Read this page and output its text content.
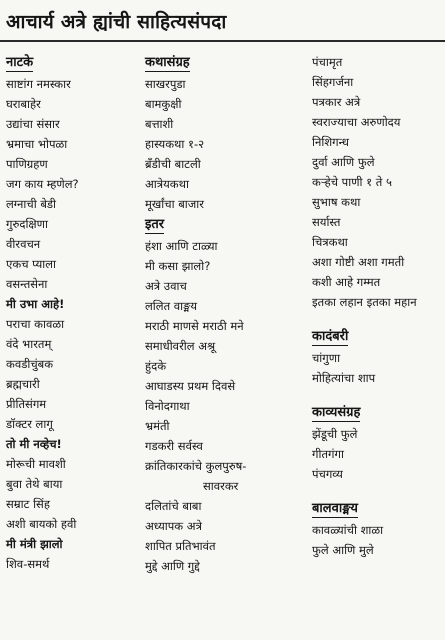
आचार्य अत्रे ह्यांची साहित्यसंपदा
नाटके
साष्टांग नमस्कार
घराबाहेर
उद्यांचा संसार
भ्रमाचा भोपळा
पाणिग्रहण
जग काय म्हणेल?
लग्नाची बेडी
गुरुदक्षिणा
वीरवचन
एकच प्याला
वसन्तसेना
मी उभा आहे!
पराचा कावळा
वंदे भारतम्
कवडीचुंबक
ब्रह्मचारी
प्रीतिसंगम
डॉक्टर लागू
तो मी नव्हेच!
मोरूची मावशी
बुवा तेथे बाया
सम्राट सिंह
अशी बायको हवी
मी मंत्री झालो
शिव-समर्थ
कथासंग्रह
साखरपुडा
बामकुक्षी
बत्ताशी
हास्यकथा १-२
ब्रँडीची बाटली
आत्रेयकथा
मूर्खांचा बाजार
इतर
हंशा आणि टाळ्या
मी कसा झालो?
अत्रे उवाच
ललित वाङ्मय
मराठी माणसे मराठी मने
समाधीवरील अश्रू
हुंदके
आघाडस्य प्रथम दिवसे
विनोदगाथा
भ्रमंती
गडकरी सर्वस्व
क्रांतिकारकांचे कुलपुरुष-
सावरकर
दलितांचे बाबा
अध्यापक अत्रे
शापित प्रतिभावंत
मुद्दे आणि गुद्दे
पंचामृत
सिंहगर्जना
पत्रकार अत्रे
स्वराज्याचा अरुणोदय
निशिगन्ध
दुर्वा आणि फुले
कऱ्हेचे पाणी १ ते ५
सुभाष कथा
सर्यास्त
चित्रकथा
अशा गोष्टी अशा गमती
कशी आहे गम्मत
इतका लहान इतका महान
कादंबरी
चांगुणा
मोहित्यांचा शाप
काव्यसंग्रह
झेंडूची फुले
गीतगंगा
पंचगव्य
बालवाङ्मय
कावळ्यांची शाळा
फुले आणि मुले
